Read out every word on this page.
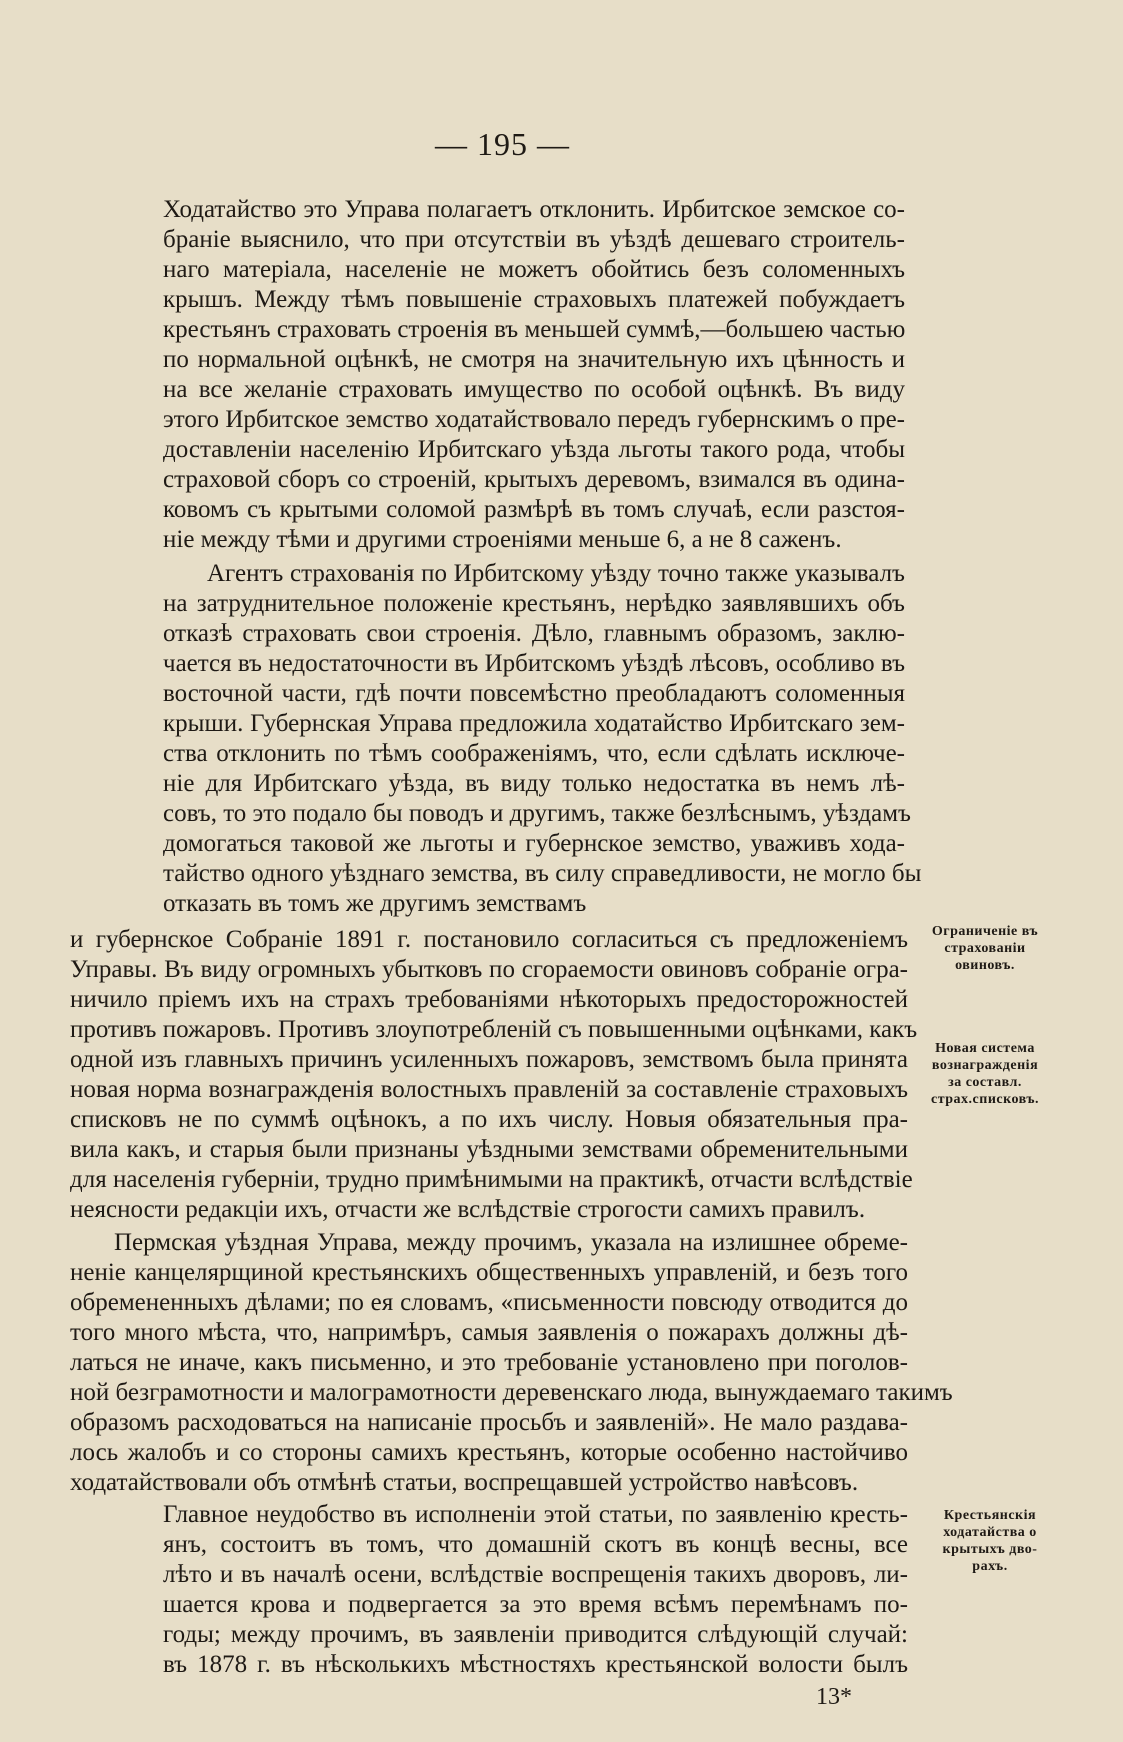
— 195 —

Ходатайство это Управа полагаетъ отклонить. Ирбитское земское со-

браніе выяснило, что при отсутствіи въ уѣздѣ дешеваго строитель-

наго матеріала, населеніе не можетъ обойтись безъ соломенныхъ

крышъ. Между тѣмъ повышеніе страховыхъ платежей побуждаетъ

крестьянъ страховать строенія въ меньшей суммѣ,—большею частью

по нормальной оцѣнкѣ, не смотря на значительную ихъ цѣнность и

на все желаніе страховать имущество по особой оцѣнкѣ. Въ виду

этого Ирбитское земство ходатайствовало передъ губернскимъ о пре-

доставленіи населенію Ирбитскаго уѣзда льготы такого рода, чтобы

страховой сборъ со строеній, крытыхъ деревомъ, взимался въ одина-

ковомъ съ крытыми соломой размѣрѣ въ томъ случаѣ, если разстоя-

ніе между тѣми и другими строеніями меньше 6, а не 8 саженъ.

Агентъ страхованія по Ирбитскому уѣзду точно также указывалъ

на затруднительное положеніе крестьянъ, нерѣдко заявлявшихъ объ

отказѣ страховать свои строенія. Дѣло, главнымъ образомъ, заклю-

чается въ недостаточности въ Ирбитскомъ уѣздѣ лѣсовъ, особливо въ

восточной части, гдѣ почти повсемѣстно преобладаютъ соломенныя

крыши. Губернская Управа предложила ходатайство Ирбитскаго зем-

ства отклонить по тѣмъ соображеніямъ, что, если сдѣлать исключе-

ніе для Ирбитскаго уѣзда, въ виду только недостатка въ немъ лѣ-

совъ, то это подало бы поводъ и другимъ, также безлѣснымъ, уѣздамъ

домогаться таковой же льготы и губернское земство, уваживъ хода-

тайство одного уѣзднаго земства, въ силу справедливости, не могло бы

отказать въ томъ же другимъ земствамъ

и губернское Собраніе 1891 г. постановило согласиться съ предложеніемъ

Управы. Въ виду огромныхъ убытковъ по сгораемости овиновъ собраніе огра-

ничило пріемъ ихъ на страхъ требованіями нѣкоторыхъ предосторожностей

противъ пожаровъ. Противъ злоупотребленій съ повышенными оцѣнками, какъ

одной изъ главныхъ причинъ усиленныхъ пожаровъ, земствомъ была принята

новая норма вознагражденія волостныхъ правленій за составленіе страховыхъ

списковъ не по суммѣ оцѣнокъ, а по ихъ числу. Новыя обязательныя пра-

вила какъ, и старыя были признаны уѣздными земствами обременительными

для населенія губерніи, трудно примѣнимыми на практикѣ, отчасти вслѣдствіе

неясности редакціи ихъ, отчасти же вслѣдствіе строгости самихъ правилъ.

Пермская уѣздная Управа, между прочимъ, указала на излишнее обреме-

неніе канцелярщиной крестьянскихъ общественныхъ управленій, и безъ того

обремененныхъ дѣлами; по ея словамъ, «письменности повсюду отводится до

того много мѣста, что, напримѣръ, самыя заявленія о пожарахъ должны дѣ-

латься не иначе, какъ письменно, и это требованіе установлено при поголов-

ной безграмотности и малограмотности деревенскаго люда, вынуждаемаго такимъ

образомъ расходоваться на написаніе просьбъ и заявленій». Не мало раздава-

лось жалобъ и со стороны самихъ крестьянъ, которые особенно настойчиво

ходатайствовали объ отмѣнѣ статьи, воспрещавшей устройство навѣсовъ.

Главное неудобство въ исполненіи этой статьи, по заявленію кресть-

янъ, состоитъ въ томъ, что домашній скотъ въ концѣ весны, все

лѣто и въ началѣ осени, вслѣдствіе воспрещенія такихъ дворовъ, ли-

шается крова и подвергается за это время всѣмъ перемѣнамъ по-

годы; между прочимъ, въ заявленіи приводится слѣдующій случай:

въ 1878 г. въ нѣсколькихъ мѣстностяхъ крестьянской волости былъ

13*

Ограниченіе въ

страхованіи

овиновъ.

Новая система

вознагражденія

за составл.

страх.списковъ.

Крестьянскія

ходатайства о

крытыхъ дво-

рахъ.
